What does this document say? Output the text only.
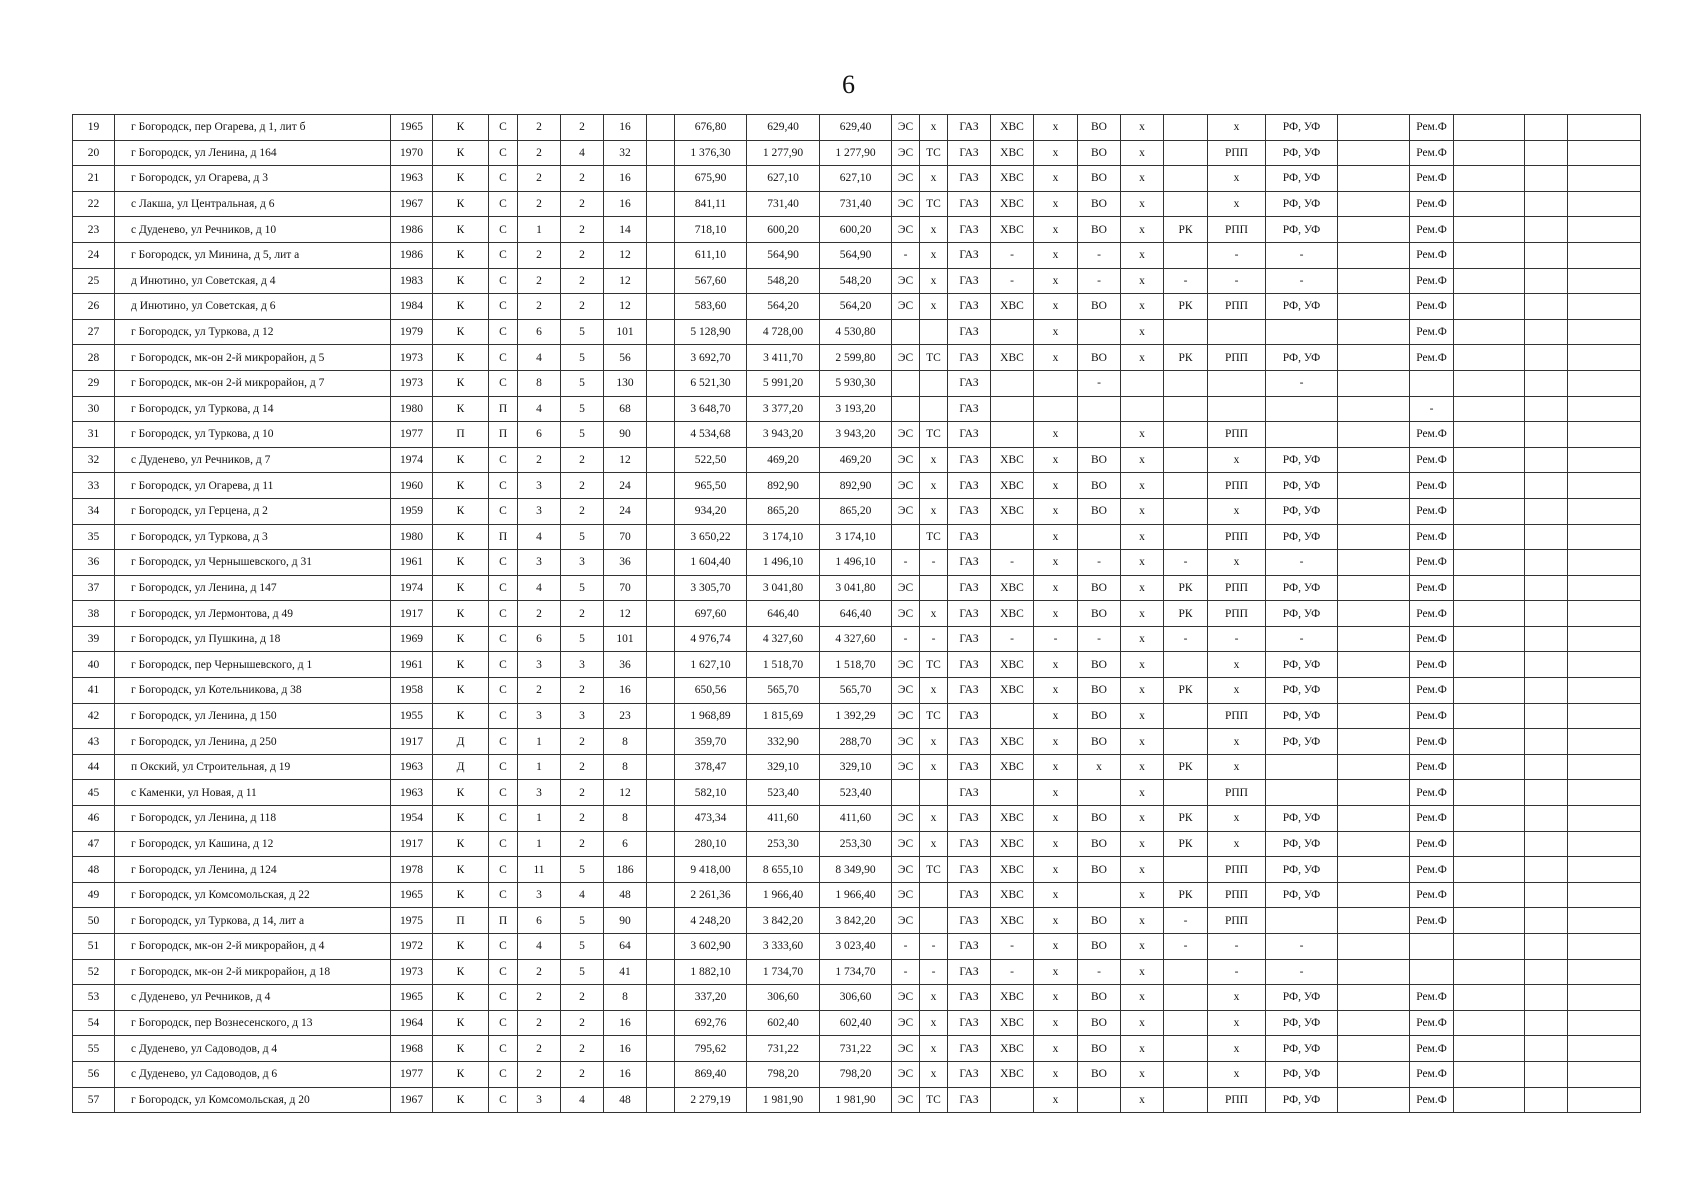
6
19	г Богородск, пер Огарева, д 1, лит б	1965	К	С	2	2	16		676,80	629,40	629,40	ЭС	х	ГАЗ	ХВС	х	ВО	х		х	РФ, УФ		Рем.Ф			
20	г Богородск, ул Ленина, д 164	1970	К	С	2	4	32		1 376,30	1 277,90	1 277,90	ЭС	ТС	ГАЗ	ХВС	х	ВО	х		РПП	РФ, УФ		Рем.Ф			
21	г Богородск, ул Огарева, д 3	1963	К	С	2	2	16		675,90	627,10	627,10	ЭС	х	ГАЗ	ХВС	х	ВО	х		х	РФ, УФ		Рем.Ф			
22	с Лакша, ул Центральная, д 6	1967	К	С	2	2	16		841,11	731,40	731,40	ЭС	ТС	ГАЗ	ХВС	х	ВО	х		х	РФ, УФ		Рем.Ф			
23	с Дуденево, ул Речников, д 10	1986	К	С	1	2	14		718,10	600,20	600,20	ЭС	х	ГАЗ	ХВС	х	ВО	х	РК	РПП	РФ, УФ		Рем.Ф			
24	г Богородск, ул Минина, д 5, лит а	1986	К	С	2	2	12		611,10	564,90	564,90	-	х	ГАЗ	-	х	-	х		-	-		Рем.Ф			
25	д Инютино, ул Советская, д 4	1983	К	С	2	2	12		567,60	548,20	548,20	ЭС	х	ГАЗ	-	х	-	х	-	-	-		Рем.Ф			
26	д Инютино, ул Советская, д 6	1984	К	С	2	2	12		583,60	564,20	564,20	ЭС	х	ГАЗ	ХВС	х	ВО	х	РК	РПП	РФ, УФ		Рем.Ф			
27	г Богородск, ул Туркова, д 12	1979	К	С	6	5	101		5 128,90	4 728,00	4 530,80			ГАЗ		х		х					Рем.Ф			
28	г Богородск, мк-он 2-й микрорайон, д 5	1973	К	С	4	5	56		3 692,70	3 411,70	2 599,80	ЭС	ТС	ГАЗ	ХВС	х	ВО	х	РК	РПП	РФ, УФ		Рем.Ф			
29	г Богородск, мк-он 2-й микрорайон, д 7	1973	К	С	8	5	130		6 521,30	5 991,20	5 930,30			ГАЗ			-				-					
30	г Богородск, ул Туркова, д 14	1980	К	П	4	5	68		3 648,70	3 377,20	3 193,20			ГАЗ									-			
31	г Богородск, ул Туркова, д 10	1977	П	П	6	5	90		4 534,68	3 943,20	3 943,20	ЭС	ТС	ГАЗ		х		х		РПП			Рем.Ф			
32	с Дуденево, ул Речников, д 7	1974	К	С	2	2	12		522,50	469,20	469,20	ЭС	х	ГАЗ	ХВС	х	ВО	х		х	РФ, УФ		Рем.Ф			
33	г Богородск, ул Огарева, д 11	1960	К	С	3	2	24		965,50	892,90	892,90	ЭС	х	ГАЗ	ХВС	х	ВО	х		РПП	РФ, УФ		Рем.Ф			
34	г Богородск, ул Герцена, д 2	1959	К	С	3	2	24		934,20	865,20	865,20	ЭС	х	ГАЗ	ХВС	х	ВО	х		х	РФ, УФ		Рем.Ф			
35	г Богородск, ул Туркова, д 3	1980	К	П	4	5	70		3 650,22	3 174,10	3 174,10		ТС	ГАЗ		х		х		РПП	РФ, УФ		Рем.Ф			
36	г Богородск, ул Чернышевского, д 31	1961	К	С	3	3	36		1 604,40	1 496,10	1 496,10	-	-	ГАЗ	-	х	-	х	-	х	-		Рем.Ф			
37	г Богородск, ул Ленина, д 147	1974	К	С	4	5	70		3 305,70	3 041,80	3 041,80	ЭС		ГАЗ	ХВС	х	ВО	х	РК	РПП	РФ, УФ		Рем.Ф			
38	г Богородск, ул Лермонтова, д 49	1917	К	С	2	2	12		697,60	646,40	646,40	ЭС	х	ГАЗ	ХВС	х	ВО	х	РК	РПП	РФ, УФ		Рем.Ф			
39	г Богородск, ул Пушкина, д 18	1969	К	С	6	5	101		4 976,74	4 327,60	4 327,60	-	-	ГАЗ	-	-	-	х	-	-	-		Рем.Ф			
40	г Богородск, пер Чернышевского, д 1	1961	К	С	3	3	36		1 627,10	1 518,70	1 518,70	ЭС	ТС	ГАЗ	ХВС	х	ВО	х		х	РФ, УФ		Рем.Ф			
41	г Богородск, ул Котельникова, д 38	1958	К	С	2	2	16		650,56	565,70	565,70	ЭС	х	ГАЗ	ХВС	х	ВО	х	РК	х	РФ, УФ		Рем.Ф			
42	г Богородск, ул Ленина, д 150	1955	К	С	3	3	23		1 968,89	1 815,69	1 392,29	ЭС	ТС	ГАЗ		х	ВО	х		РПП	РФ, УФ		Рем.Ф			
43	г Богородск, ул Ленина, д 250	1917	Д	С	1	2	8		359,70	332,90	288,70	ЭС	х	ГАЗ	ХВС	х	ВО	х		х	РФ, УФ		Рем.Ф			
44	п Окский, ул Строительная, д 19	1963	Д	С	1	2	8		378,47	329,10	329,10	ЭС	х	ГАЗ	ХВС	х	х	х	РК	х			Рем.Ф			
45	с Каменки, ул Новая, д 11	1963	К	С	3	2	12		582,10	523,40	523,40			ГАЗ		х		х		РПП			Рем.Ф			
46	г Богородск, ул Ленина, д 118	1954	К	С	1	2	8		473,34	411,60	411,60	ЭС	х	ГАЗ	ХВС	х	ВО	х	РК	х	РФ, УФ		Рем.Ф			
47	г Богородск, ул Кашина, д 12	1917	К	С	1	2	6		280,10	253,30	253,30	ЭС	х	ГАЗ	ХВС	х	ВО	х	РК	х	РФ, УФ		Рем.Ф			
48	г Богородск, ул Ленина, д 124	1978	К	С	11	5	186		9 418,00	8 655,10	8 349,90	ЭС	ТС	ГАЗ	ХВС	х	ВО	х		РПП	РФ, УФ		Рем.Ф			
49	г Богородск, ул Комсомольская, д 22	1965	К	С	3	4	48		2 261,36	1 966,40	1 966,40	ЭС		ГАЗ	ХВС	х		х	РК	РПП	РФ, УФ		Рем.Ф			
50	г Богородск, ул Туркова, д 14, лит а	1975	П	П	6	5	90		4 248,20	3 842,20	3 842,20	ЭС		ГАЗ	ХВС	х	ВО	х	-	РПП			Рем.Ф			
51	г Богородск, мк-он 2-й микрорайон, д 4	1972	К	С	4	5	64		3 602,90	3 333,60	3 023,40	-	-	ГАЗ	-	х	ВО	х	-	-	-					
52	г Богородск, мк-он 2-й микрорайон, д 18	1973	К	С	2	5	41		1 882,10	1 734,70	1 734,70	-	-	ГАЗ	-	х	-	х		-	-					
53	с Дуденево, ул Речников, д 4	1965	К	С	2	2	8		337,20	306,60	306,60	ЭС	х	ГАЗ	ХВС	х	ВО	х		х	РФ, УФ		Рем.Ф			
54	г Богородск, пер Вознесенского, д 13	1964	К	С	2	2	16		692,76	602,40	602,40	ЭС	х	ГАЗ	ХВС	х	ВО	х		х	РФ, УФ		Рем.Ф			
55	с Дуденево, ул Садоводов, д 4	1968	К	С	2	2	16		795,62	731,22	731,22	ЭС	х	ГАЗ	ХВС	х	ВО	х		х	РФ, УФ		Рем.Ф			
56	с Дуденево, ул Садоводов, д 6	1977	К	С	2	2	16		869,40	798,20	798,20	ЭС	х	ГАЗ	ХВС	х	ВО	х		х	РФ, УФ		Рем.Ф			
57	г Богородск, ул Комсомольская, д 20	1967	К	С	3	4	48		2 279,19	1 981,90	1 981,90	ЭС	ТС	ГАЗ		х		х		РПП	РФ, УФ		Рем.Ф			
